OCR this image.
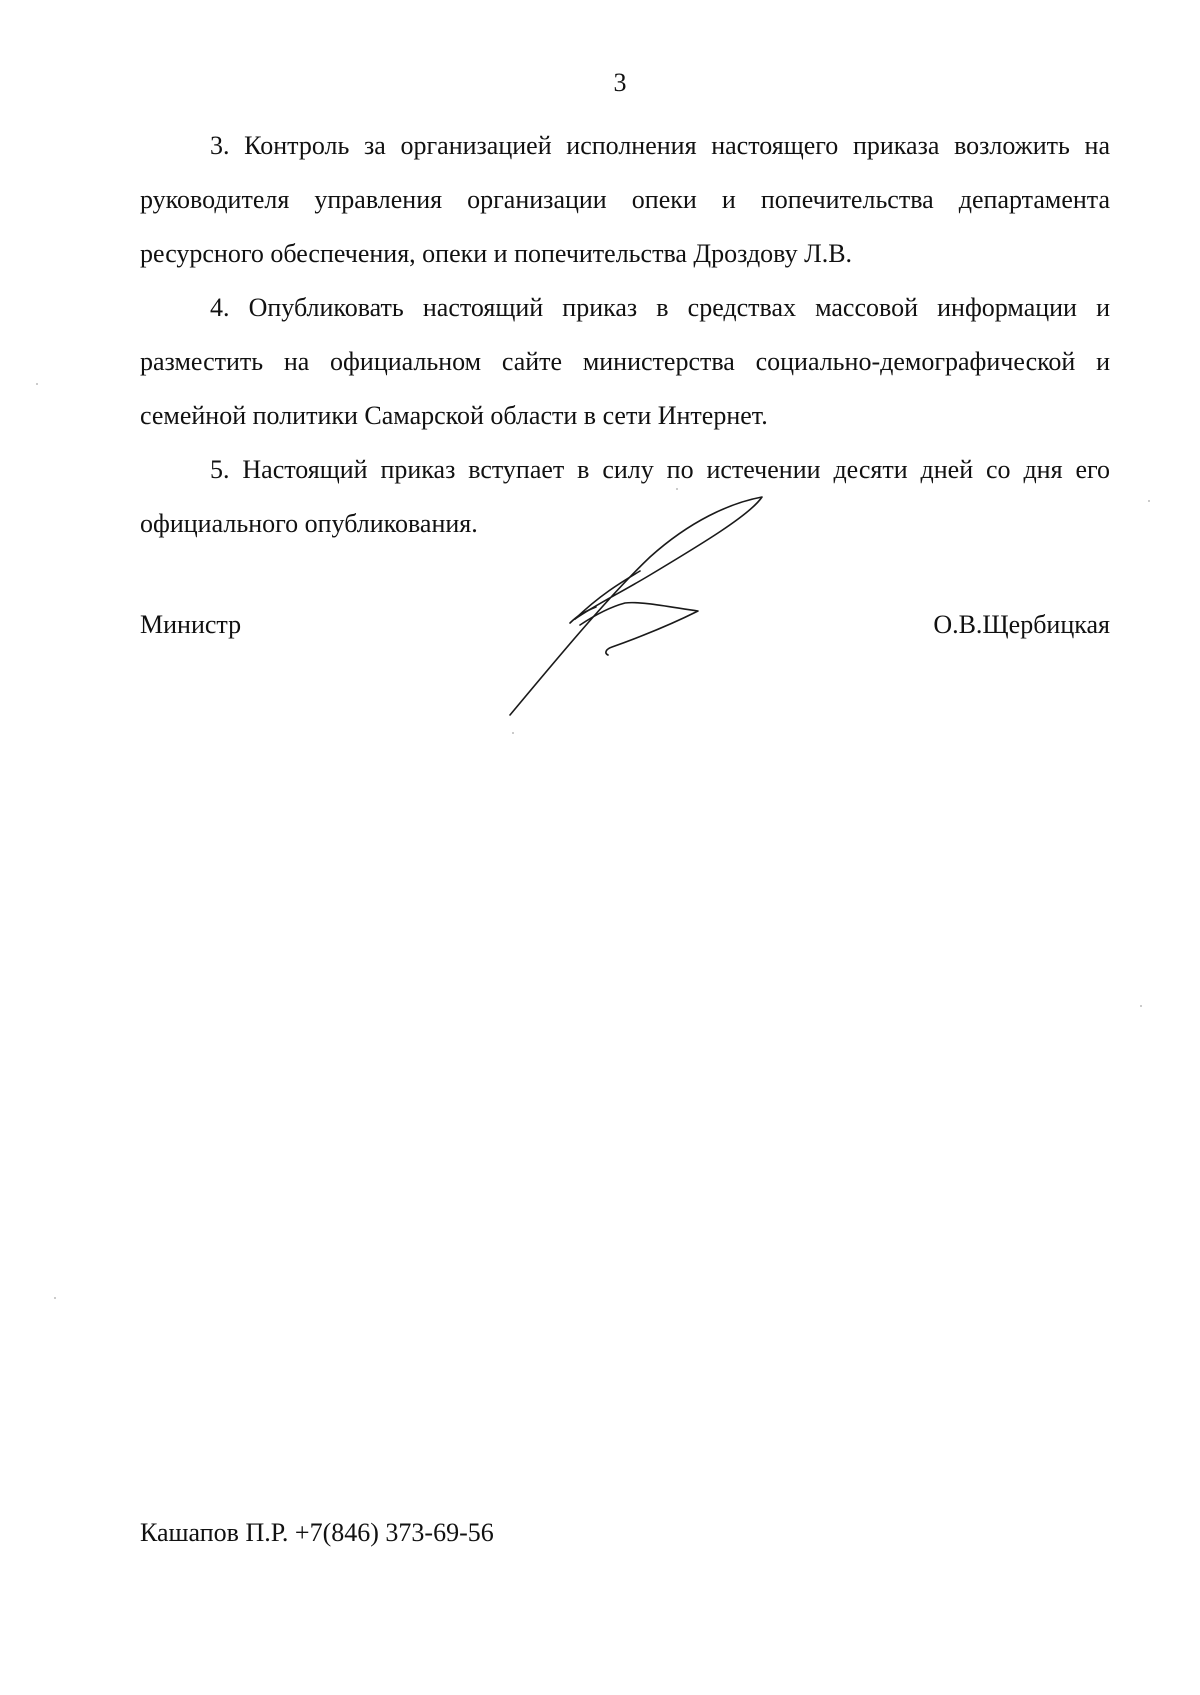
3

3. Контроль за организацией исполнения настоящего приказа возложить на руководителя управления организации опеки и попечительства департамента ресурсного обеспечения, опеки и попечительства Дроздову Л.В.

4. Опубликовать настоящий приказ в средствах массовой информации и разместить на официальном сайте министерства социально-демографической и семейной политики Самарской области в сети Интернет.

5. Настоящий приказ вступает в силу по истечении десяти дней со дня его официального опубликования.

Министр	О.В.Щербицкая
Кашапов П.Р. +7(846) 373-69-56
